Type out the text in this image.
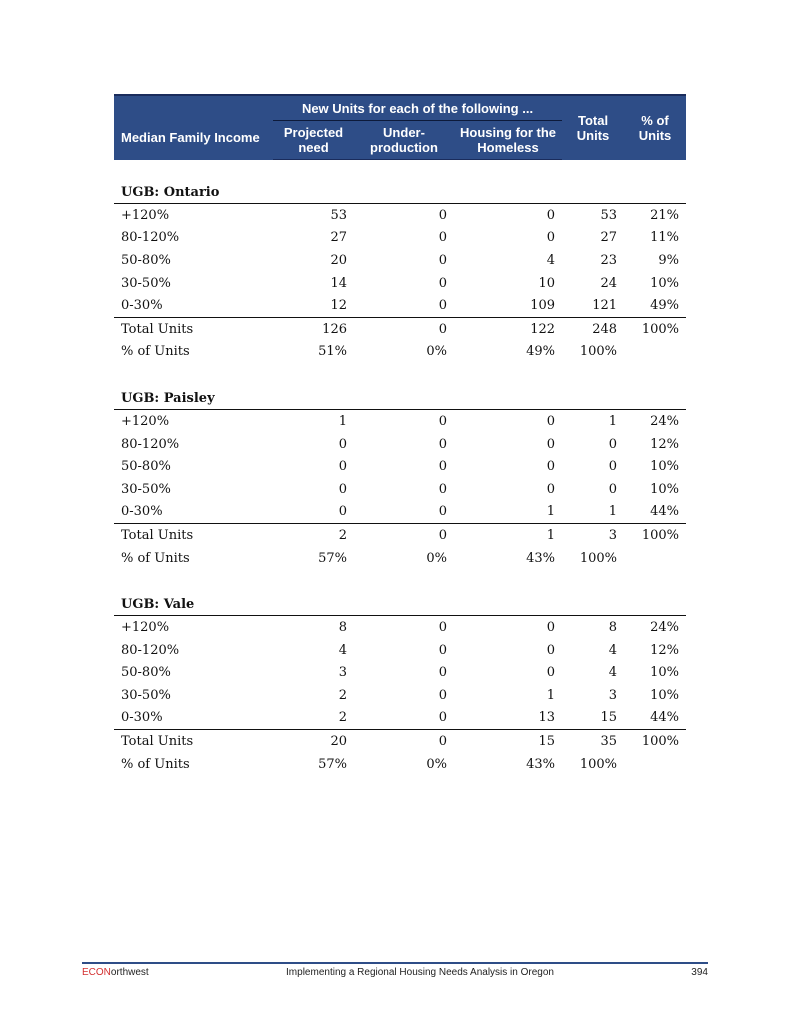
Median Family Income	New Units for each of the following ...			Total Units	% of Units
	Projected need	Under-production	Housing for the Homeless		

UGB: Ontario					
+120%	53	0	0	53	21%
80-120%	27	0	0	27	11%
50-80%	20	0	4	23	9%
30-50%	14	0	10	24	10%
0-30%	12	0	109	121	49%
Total Units	126	0	122	248	100%
% of Units	51%	0%	49%	100%	

UGB: Paisley					
+120%	1	0	0	1	24%
80-120%	0	0	0	0	12%
50-80%	0	0	0	0	10%
30-50%	0	0	0	0	10%
0-30%	0	0	1	1	44%
Total Units	2	0	1	3	100%
% of Units	57%	0%	43%	100%	

UGB: Vale					
+120%	8	0	0	8	24%
80-120%	4	0	0	4	12%
50-80%	3	0	0	4	10%
30-50%	2	0	1	3	10%
0-30%	2	0	13	15	44%
Total Units	20	0	15	35	100%
% of Units	57%	0%	43%	100%	
ECONorthwest	Implementing a Regional Housing Needs Analysis in Oregon	394
